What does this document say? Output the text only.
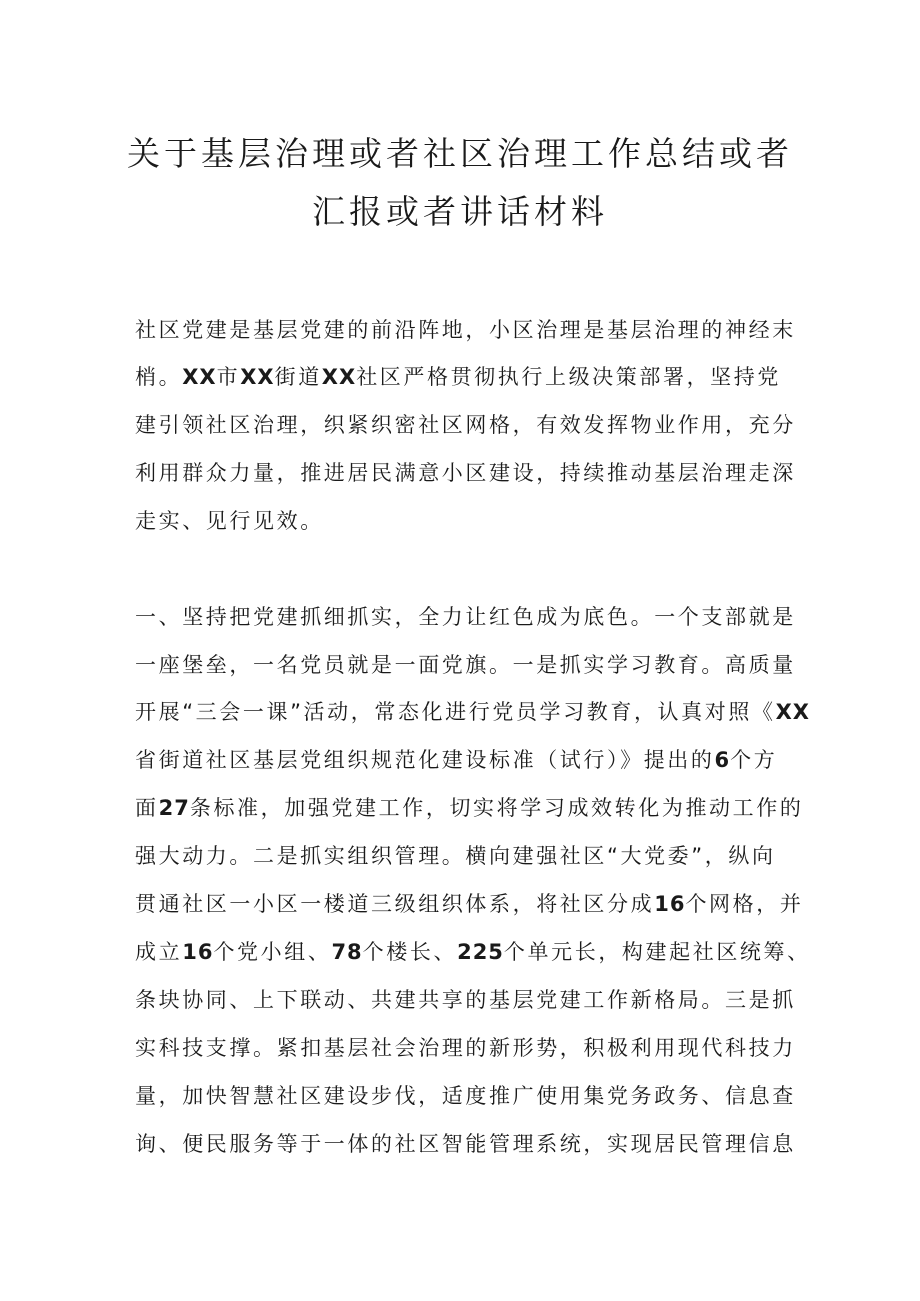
关于基层治理或者社区治理工作总结或者
汇报或者讲话材料
社区党建是基层党建的前沿阵地，小区治理是基层治理的神经末
梢。XX市XX街道XX社区严格贯彻执行上级决策部署，坚持党
建引领社区治理，织紧织密社区网格，有效发挥物业作用，充分
利用群众力量，推进居民满意小区建设，持续推动基层治理走深
走实、见行见效。
一、坚持把党建抓细抓实，全力让红色成为底色。一个支部就是
一座堡垒，一名党员就是一面党旗。一是抓实学习教育。高质量
开展“三会一课”活动，常态化进行党员学习教育，认真对照《XX
省街道社区基层党组织规范化建设标准（试行）》提出的6个方
面27条标准，加强党建工作，切实将学习成效转化为推动工作的
强大动力。二是抓实组织管理。横向建强社区“大党委”，纵向
贯通社区一小区一楼道三级组织体系，将社区分成16个网格，并
成立16个党小组、78个楼长、225个单元长，构建起社区统筹、
条块协同、上下联动、共建共享的基层党建工作新格局。三是抓
实科技支撑。紧扣基层社会治理的新形势，积极利用现代科技力
量，加快智慧社区建设步伐，适度推广使用集党务政务、信息查
询、便民服务等于一体的社区智能管理系统，实现居民管理信息
